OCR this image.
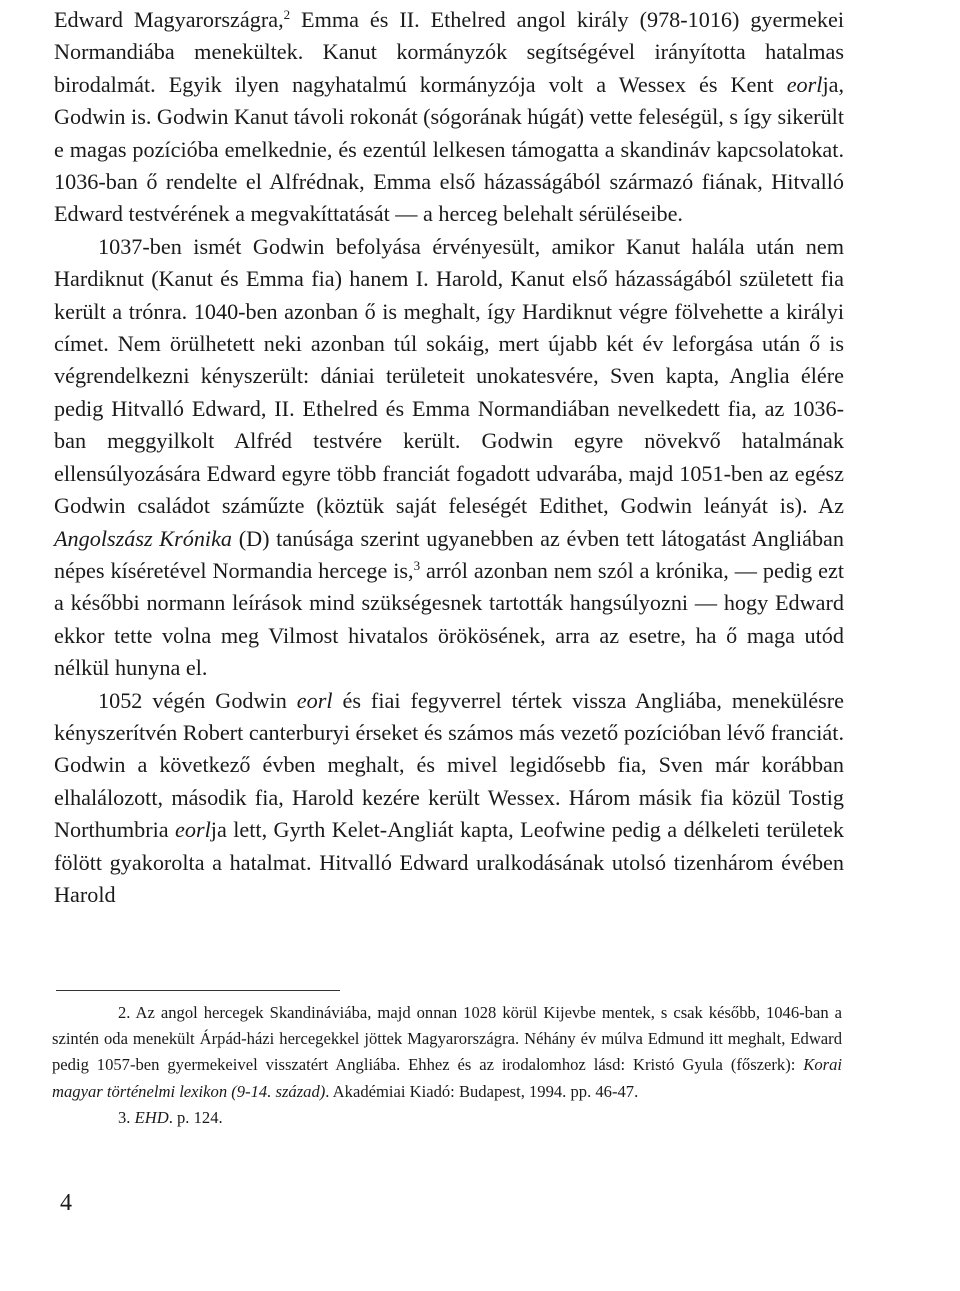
Edward Magyarországra,$^2$ Emma és II. Ethelred angol király (978-1016) gyermekei Normandiába menekültek. Kanut kormányzók segítségével irányította hatalmas birodalmát. Egyik ilyen nagyhatalmú kormányzója volt a Wessex és Kent eorlja, Godwin is. Godwin Kanut távoli rokonát (sógorának húgát) vette feleségül, s így sikerült e magas pozícióba emelkednie, és ezentúl lelkesen támogatta a skandináv kapcsolatokat. 1036-ban ő rendelte el Alfrédnak, Emma első házasságából származó fiának, Hitvalló Edward testvérének a megvakíttatását — a herceg belehalt sérüléseibe.

1037-ben ismét Godwin befolyása érvényesült, amikor Kanut halála után nem Hardiknut (Kanut és Emma fia) hanem I. Harold, Kanut első házasságából született fia került a trónra. 1040-ben azonban ő is meghalt, így Hardiknut végre fölvehette a királyi címet. Nem örülhetett neki azonban túl sokáig, mert újabb két év leforgása után ő is végrendelkezni kényszerült: dániai területeit unokatesvére, Sven kapta, Anglia élére pedig Hitvalló Edward, II. Ethelred és Emma Normandiában nevelkedett fia, az 1036-ban meggyilkolt Alfréd testvére került. Godwin egyre növekvő hatalmának ellensúlyozására Edward egyre több franciát fogadott udvarába, majd 1051-ben az egész Godwin családot száműzte (köztük saját feleségét Edithet, Godwin leányát is). Az Angolszász Krónika (D) tanúsága szerint ugyanebben az évben tett látogatást Angliában népes kíséretével Normandia hercege is,$^3$ arról azonban nem szól a krónika, — pedig ezt a későbbi normann leírások mind szükségesnek tartották hangsúlyozni — hogy Edward ekkor tette volna meg Vilmost hivatalos örökösének, arra az esetre, ha ő maga utód nélkül hunyna el.

1052 végén Godwin eorl és fiai fegyverrel tértek vissza Angliába, menekülésre kényszerítvén Robert canterburyi érseket és számos más vezető pozícióban lévő franciát. Godwin a következő évben meghalt, és mivel legidősebb fia, Sven már korábban elhalálozott, második fia, Harold kezére került Wessex. Három másik fia közül Tostig Northumbria eorlja lett, Gyrth Kelet-Angliát kapta, Leofwine pedig a délkeleti területek fölött gyakorolta a hatalmat. Hitvalló Edward uralkodásának utolsó tizenhárom évében Harold

2. Az angol hercegek Skandináviába, majd onnan 1028 körül Kijevbe mentek, s csak később, 1046-ban a szintén oda menekült Árpád-házi hercegekkel jöttek Magyarországra. Néhány év múlva Edmund itt meghalt, Edward pedig 1057-ben gyermekeivel visszatért Angliába. Ehhez és az irodalomhoz lásd: Kristó Gyula (főszerk): Korai magyar történelmi lexikon (9-14. század). Akadémiai Kiadó: Budapest, 1994. pp. 46-47.

3. EHD. p. 124.

4
